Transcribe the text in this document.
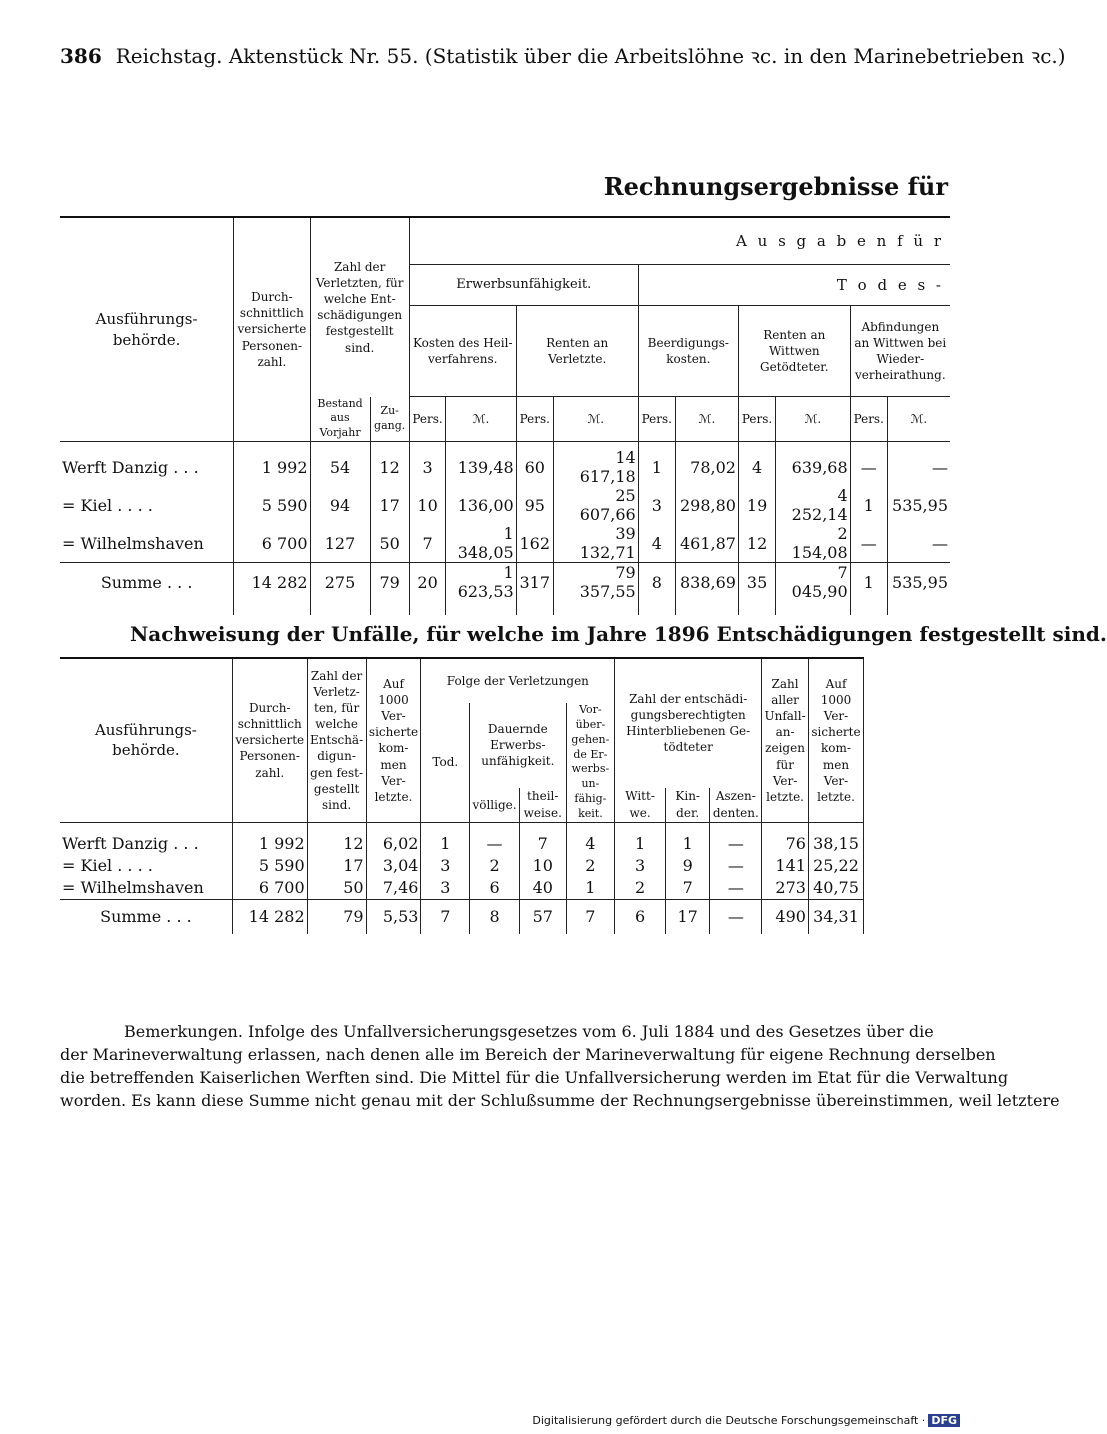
386 Reichstag. Aktenstück Nr. 55. (Statistik über die Arbeitslöhne ꝛc. in den Marinebetrieben ꝛc.)
Rechnungsergebnisse für
Ausführungs-behörde.	Durch-schnittlich versicherte Personen-zahl.	Zahl der Verletzten, für welche Ent-schädigungen festgestellt sind.		A u s g a b e n f ü r									
				Erwerbsunfähigkeit.				T o d e s -					
				Kosten des Heil-verfahrens.		Renten an Verletzte.		Beerdigungs-kosten.		Renten an Wittwen Getödteter.		Abfindungen an Wittwen bei Wieder-verheirathung.	
		Bestand aus Vorjahr	Zu-gang.	Pers.	ℳ.	Pers.	ℳ.	Pers.	ℳ.	Pers.	ℳ.	Pers.	ℳ.

Werft Danzig . . .	1 992	54	12	3	139,48	60	14 617,18	1	78,02	4	639,68	—	—
= Kiel . . . .	5 590	94	17	10	136,00	95	25 607,66	3	298,80	19	4 252,14	1	535,95
= Wilhelmshaven	6 700	127	50	7	1 348,05	162	39 132,71	4	461,87	12	2 154,08	—	—
Summe . . .	14 282	275	79	20	1 623,53	317	79 357,55	8	838,69	35	7 045,90	1	535,95

Nachweisung der Unfälle, für welche im Jahre 1896 Entschädigungen festgestellt sind.
Ausführungs-behörde.	Durch-schnittlich versicherte Personen-zahl.	Zahl der Verletz-ten, für welche Entschä-digun-gen fest-gestellt sind.	Auf 1000 Ver-sicherte kom-men Ver-letzte.	Folge der Verletzungen				Zahl der entschädi-gungsberechtigten Hinterbliebenen Ge-tödteter			Zahl aller Unfall-an-zeigen für Ver-letzte.	Auf 1000 Ver-sicherte kom-men Ver-letzte.
				Tod.	Dauernde Erwerbs-unfähigkeit.		Vor-über-gehen-de Er-werbs-un-fähig-keit.					
					völlige.	theil-weise.		Witt-we.	Kin-der.	Aszen-denten.		

Werft Danzig . . .	1 992	12	6,02	1	—	7	4	1	1	—	76	38,15
= Kiel . . . .	5 590	17	3,04	3	2	10	2	3	9	—	141	25,22
= Wilhelmshaven	6 700	50	7,46	3	6	40	1	2	7	—	273	40,75
Summe . . .	14 282	79	5,53	7	8	57	7	6	17	—	490	34,31

Bemerkungen. Infolge des Unfallversicherungsgesetzes vom 6. Juli 1884 und des Gesetzes über die

der Marineverwaltung erlassen, nach denen alle im Bereich der Marineverwaltung für eigene Rechnung derselben

die betreffenden Kaiserlichen Werften sind. Die Mittel für die Unfallversicherung werden im Etat für die Verwaltung

worden. Es kann diese Summe nicht genau mit der Schlußsumme der Rechnungsergebnisse übereinstimmen, weil letztere

Digitalisierung gefördert durch die Deutsche Forschungsgemeinschaft · DFG
